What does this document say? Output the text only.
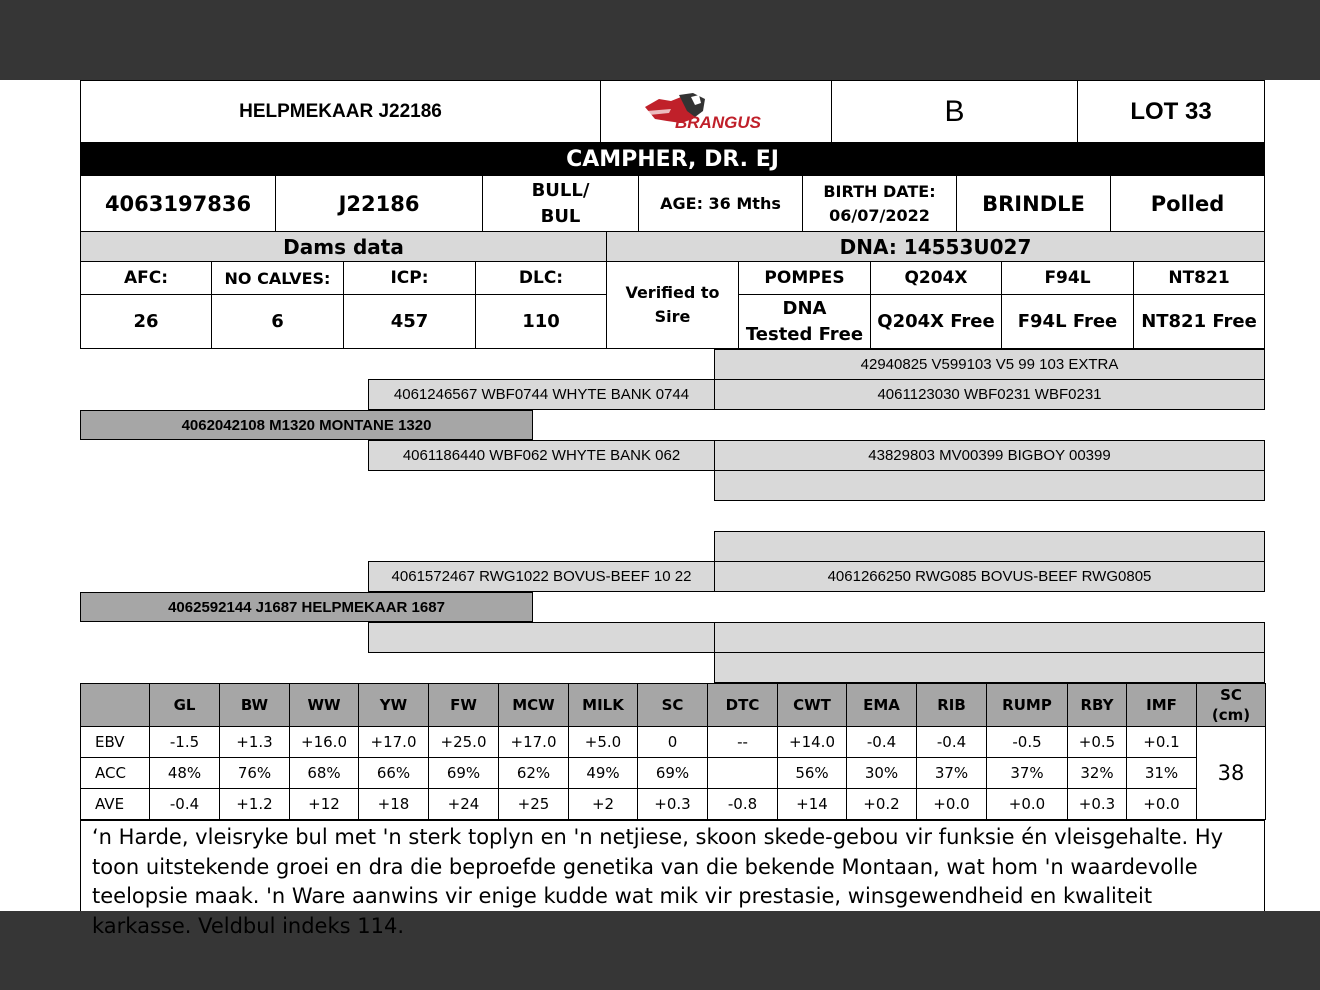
HELPMEKAAR J22186
BRANGUS	B	LOT 33
CAMPHER, DR. EJ
4063197836	J22186
BULL/
BUL
AGE: 36 Mths
BIRTH DATE:
06/07/2022	BRINDLE	Polled
Dams data	DNA: 14553U027
AFC:	NO CALVES:	ICP:	DLC:
26	6	457	110
Verified to
Sire
POMPES	Q204X	F94L	NT821
DNA
Tested Free
Q204X Free	F94L Free	NT821 Free
42940825 V599103 V5 99 103 EXTRA
4061246567 WBF0744 WHYTE BANK 0744	4061123030 WBF0231 WBF0231
4062042108 M1320 MONTANE 1320
4061186440 WBF062 WHYTE BANK 062	43829803 MV00399 BIGBOY 00399
4061572467 RWG1022 BOVUS-BEEF 10 22	4061266250 RWG085 BOVUS-BEEF RWG0805
4062592144 J1687 HELPMEKAAR 1687
	GL	BW	WW	YW	FW	MCW	MILK	SC	DTC	CWT	EMA	RIB	RUMP	RBY	IMF	SC
(cm)

EBV	-1.5	+1.3	+16.0	+17.0	+25.0	+17.0	+5.0	0	--	+14.0	-0.4	-0.4	-0.5	+0.5	+0.1	38
ACC	48%	76%	68%	66%	69%	62%	49%	69%		56%	30%	37%	37%	32%	31%	
AVE	-0.4	+1.2	+12	+18	+24	+25	+2	+0.3	-0.8	+14	+0.2	+0.0	+0.0	+0.3	+0.0	
‘n Harde, vleisryke bul met 'n sterk toplyn en 'n netjiese, skoon skede-gebou vir funksie én vleisgehalte. Hy toon uitstekende groei en dra die beproefde genetika van die bekende Montaan, wat hom 'n waardevolle teelopsie maak. 'n Ware aanwins vir enige kudde wat mik vir prestasie, winsgewendheid en kwaliteit karkasse. Veldbul indeks 114.
